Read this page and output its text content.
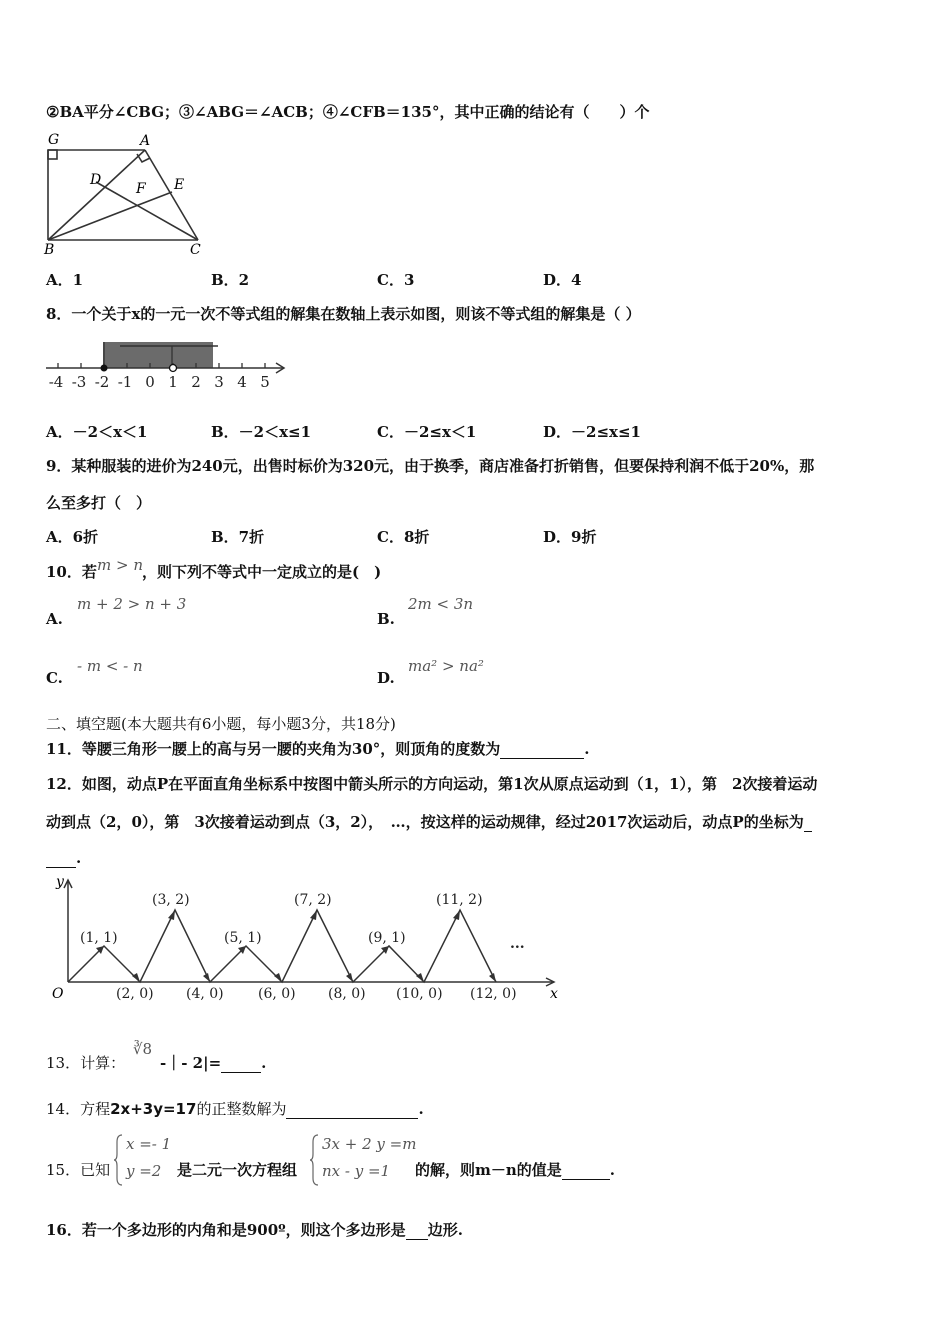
②BA平分∠CBG；③∠ABG＝∠ACB；④∠CFB＝135°，其中正确的结论有（　　）个
G	A
D
F E
B	C
A．1	B．2	C．3	D．4
8．一个关于x的一元一次不等式组的解集在数轴上表示如图，则该不等式组的解集是（ ）
-4 -3 -2 -1 0 1 2 3 4 5
A．－2＜x＜1	B．－2＜x≤1	C．－2≤x＜1	D．－2≤x≤1
9．某种服装的进价为240元，出售时标价为320元，由于换季，商店准备打折销售，但要保持利润不低于20%，那
么至多打（　）
A．6折	B．7折	C．8折	D．9折
10．若 m > n ，则下列不等式中一定成立的是(　)
A.
m + 2 > n + 3
B.
2m < 3n
C.
- m < - n
D.
ma² > na²
二、填空题(本大题共有6小题，每小题3分，共18分)
11．等腰三角形一腰上的高与另一腰的夹角为30°，则顶角的度数为	.
12．如图，动点P在平面直角坐标系中按图中箭头所示的方向运动，第1次从原点运动到（1，1），第　2次接着运动
动到点（2，0），第　3次接着运动到点（3，2），　…，按这样的运动规律，经过2017次运动后，动点P的坐标为
.
y
x
O
(1, 1)
(3, 2)
(5, 1)
(7, 2)
(9, 1)
(11, 2)
(2, 0) (4, 0) (6, 0) (8, 0) (10, 0) (12, 0)
...
13．计算：
∛8
-｜- 2|=	.
14．方程2x+3y=17的正整数解为	.
15．已知
x =- 1
y =2 是二元一次方程组
3x + 2 y =m
nx - y =1 的解，则m－n的值是	.
16．若一个多边形的内角和是900º，则这个多边形是 边形.
